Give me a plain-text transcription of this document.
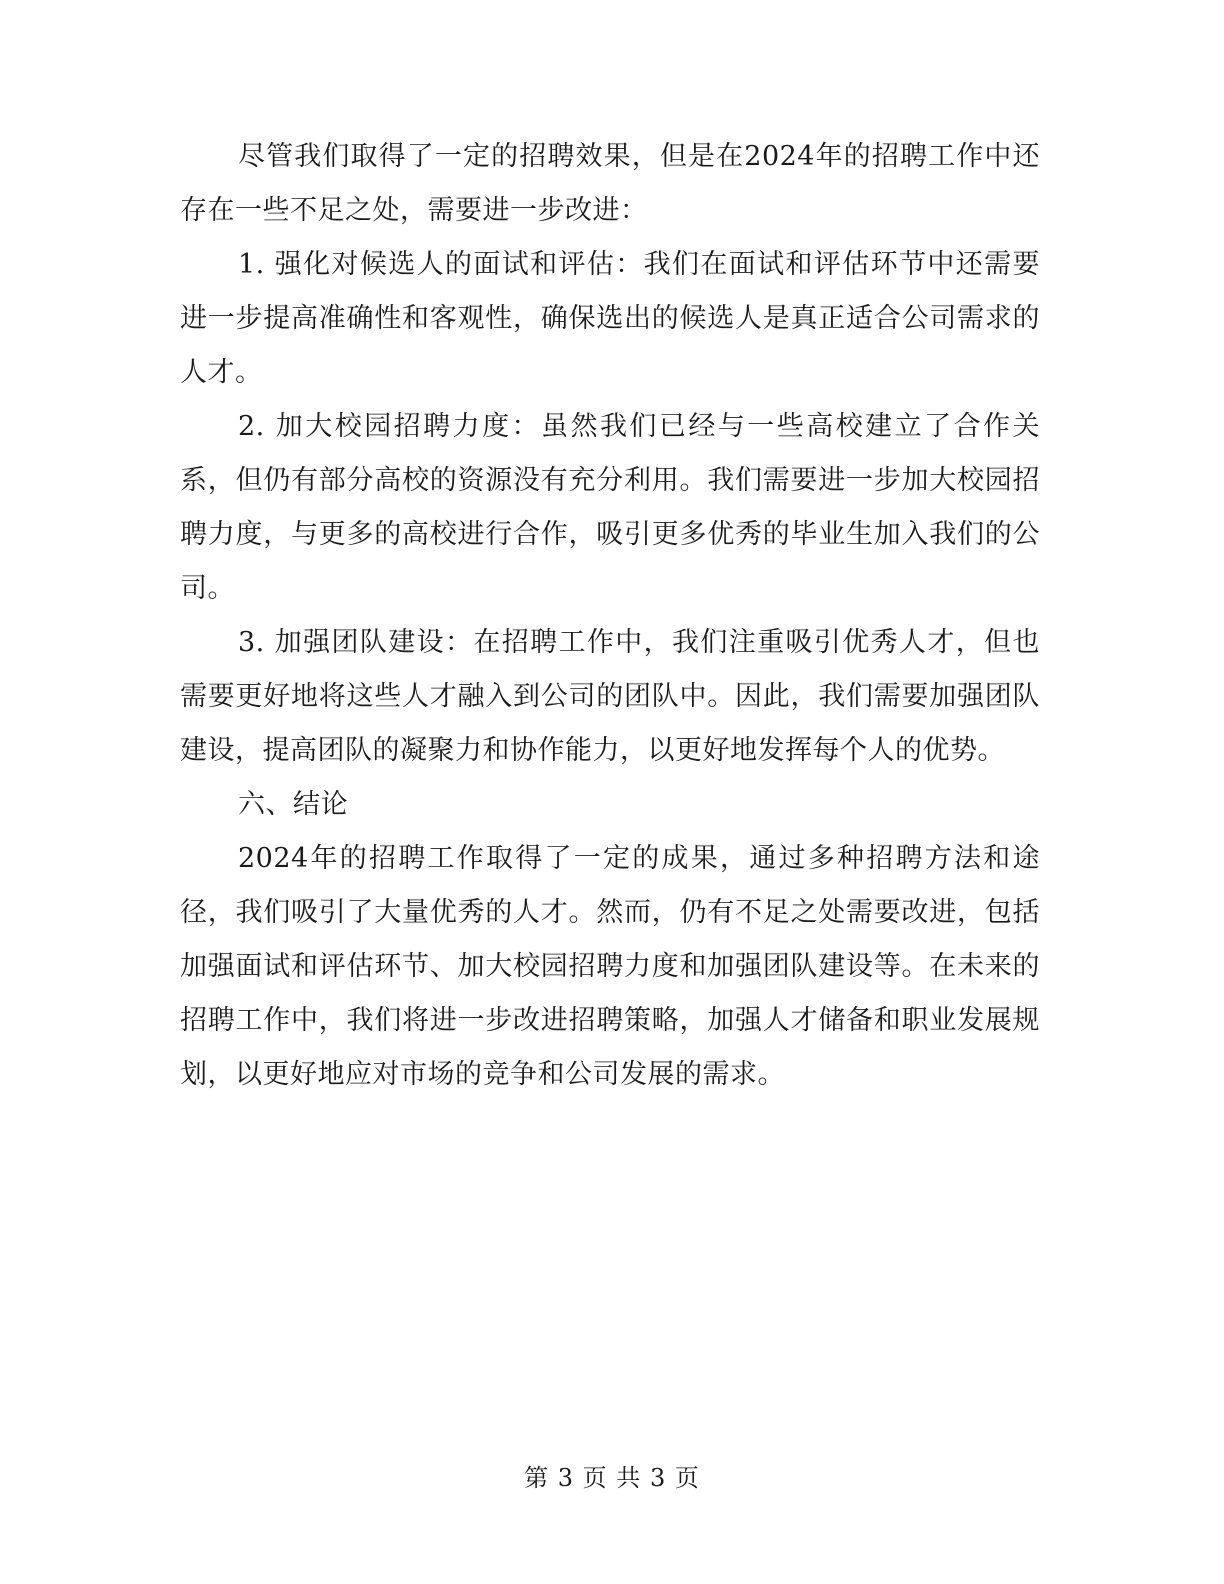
尽管我们取得了一定的招聘效果，但是在2024年的招聘工作中还存在一些不足之处，需要进一步改进：

1. 强化对候选人的面试和评估：我们在面试和评估环节中还需要进一步提高准确性和客观性，确保选出的候选人是真正适合公司需求的人才。

2. 加大校园招聘力度：虽然我们已经与一些高校建立了合作关系，但仍有部分高校的资源没有充分利用。我们需要进一步加大校园招聘力度，与更多的高校进行合作，吸引更多优秀的毕业生加入我们的公司。

3. 加强团队建设：在招聘工作中，我们注重吸引优秀人才，但也需要更好地将这些人才融入到公司的团队中。因此，我们需要加强团队建设，提高团队的凝聚力和协作能力，以更好地发挥每个人的优势。

六、结论

2024年的招聘工作取得了一定的成果，通过多种招聘方法和途径，我们吸引了大量优秀的人才。然而，仍有不足之处需要改进，包括加强面试和评估环节、加大校园招聘力度和加强团队建设等。在未来的招聘工作中，我们将进一步改进招聘策略，加强人才储备和职业发展规划，以更好地应对市场的竞争和公司发展的需求。

第 3 页 共 3 页
